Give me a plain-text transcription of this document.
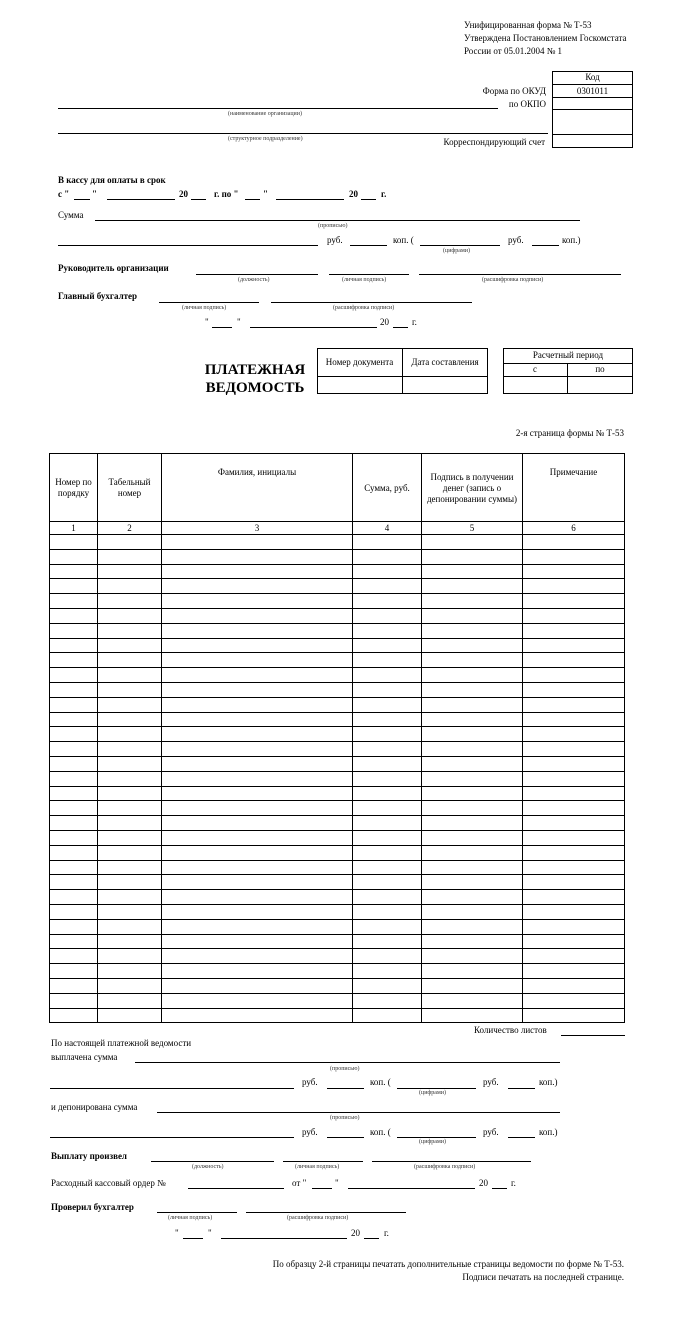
Унифицированная форма № Т-53
Утверждена Постановлением Госкомстата
России от 05.01.2004 № 1
Код
0301011
Форма по ОКУД
по ОКПО
Корреспондирующий счет
(наименование организации)
(структурное подразделение)
В кассу для оплаты в срок
с "	"	20	г. по "	"	20	г.
Сумма
(прописью)
руб.	коп. (	руб.	коп.)
(цифрами)
Руководитель организации
(должность)	(личная подпись)	(расшифровка подписи)
Главный бухгалтер
(личная подпись)	(расшифровка подписи)
"	"	20	г.
ПЛАТЕЖНАЯ
ВЕДОМОСТЬ
Номер документа	Дата составления
Расчетный период
с	по
2-я страница формы № Т-53
Номер по порядку	Табельный номер	Фамилия, инициалы	Сумма, руб.	Подпись в получении денег (запись о депонировании суммы)	Примечание
1	2	3	4	5	6

Количество листов
По настоящей платежной ведомости
выплачена сумма
(прописью)
руб.	коп. (	руб.	коп.)
(цифрами)
и депонирована сумма
(прописью)
руб.	коп. (	руб.	коп.)
(цифрами)
Выплату произвел
(должность)	(личная подпись)	(расшифровка подписи)
Расходный кассовый ордер №	от "	"	20	г.
Проверил бухгалтер
(личная подпись)	(расшифровка подписи)
"	"	20	г.
По образцу 2-й страницы печатать дополнительные страницы ведомости по форме № Т-53.
Подписи печатать на последней странице.
